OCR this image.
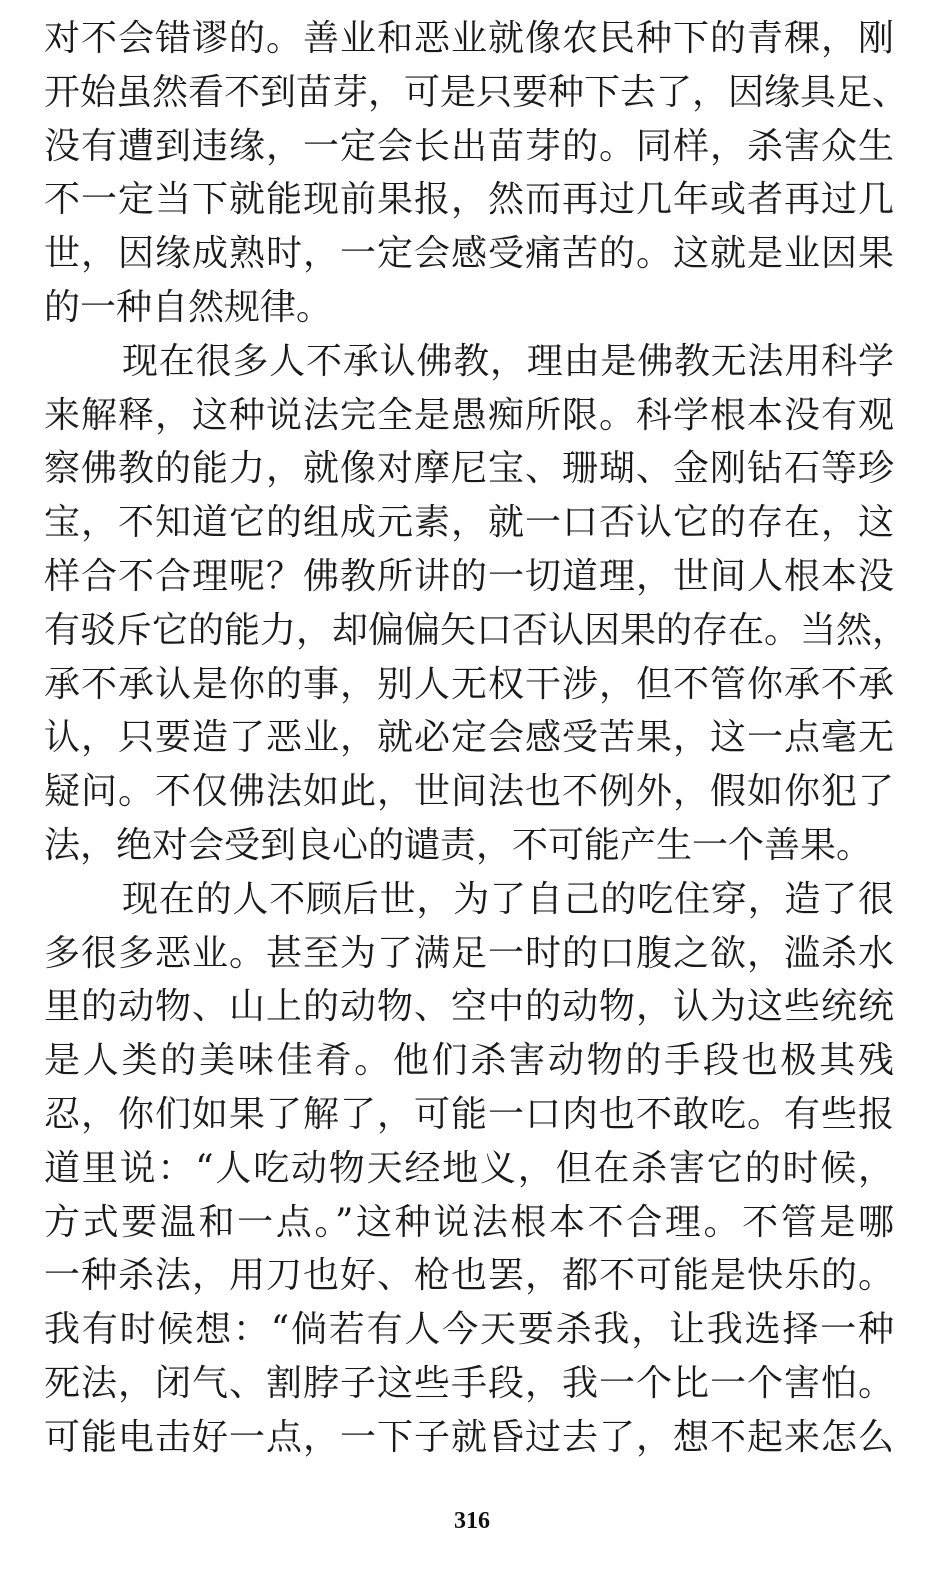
对不会错谬的。善业和恶业就像农民种下的青稞，刚
开始虽然看不到苗芽，可是只要种下去了，因缘具足、
没有遭到违缘，一定会长出苗芽的。同样，杀害众生
不一定当下就能现前果报，然而再过几年或者再过几
世，因缘成熟时，一定会感受痛苦的。这就是业因果
的一种自然规律。
现在很多人不承认佛教，理由是佛教无法用科学
来解释，这种说法完全是愚痴所限。科学根本没有观
察佛教的能力，就像对摩尼宝、珊瑚、金刚钻石等珍
宝，不知道它的组成元素，就一口否认它的存在，这
样合不合理呢？佛教所讲的一切道理，世间人根本没
有驳斥它的能力，却偏偏矢口否认因果的存在。当然，
承不承认是你的事，别人无权干涉，但不管你承不承
认，只要造了恶业，就必定会感受苦果，这一点毫无
疑问。不仅佛法如此，世间法也不例外，假如你犯了
法，绝对会受到良心的谴责，不可能产生一个善果。
现在的人不顾后世，为了自己的吃住穿，造了很
多很多恶业。甚至为了满足一时的口腹之欲，滥杀水
里的动物、山上的动物、空中的动物，认为这些统统
是人类的美味佳肴。他们杀害动物的手段也极其残
忍，你们如果了解了，可能一口肉也不敢吃。有些报
道里说：“人吃动物天经地义，但在杀害它的时候，
方式要温和一点。”这种说法根本不合理。不管是哪
一种杀法，用刀也好、枪也罢，都不可能是快乐的。
我有时候想：“倘若有人今天要杀我，让我选择一种
死法，闭气、割脖子这些手段，我一个比一个害怕。
可能电击好一点，一下子就昏过去了，想不起来怎么
316
